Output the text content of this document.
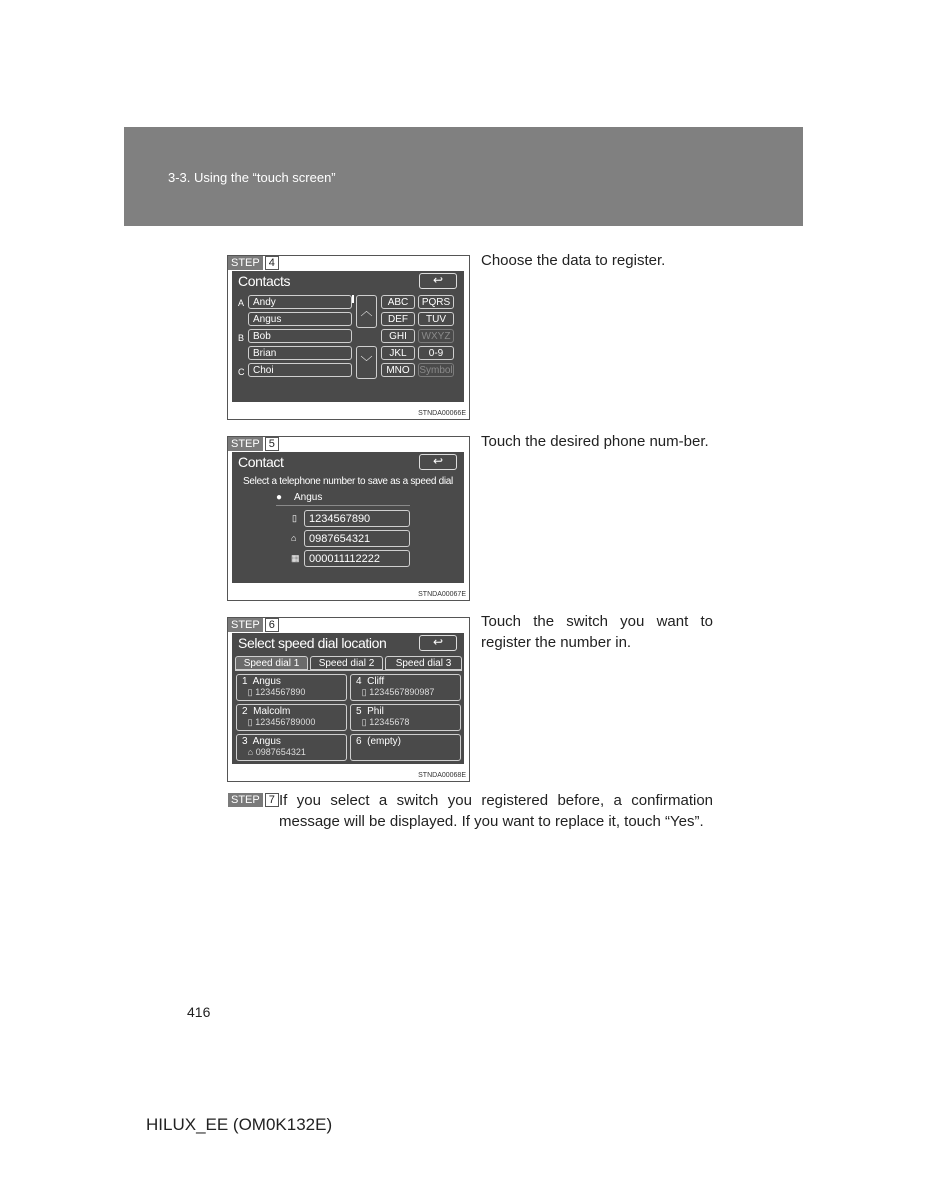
3-3. Using the “touch screen”
STEP 4
Contacts	↩
A Andy
Angus
B Bob
Brian
C Choi
︿
﹀
ABC	PQRS
DEF	TUV
GHI	WXYZ
JKL	0-9
MNO Symbol
STNDA00066E
Choose the data to register.
STEP 5
Contact	↩
Select a telephone number to save as a speed dial
● Angus
▯	1234567890
⌂	0987654321
▦ 000011112222
STNDA00067E
Touch the desired phone num-ber.
STEP 6
Select speed dial location	↩
Speed dial 1	Speed dial 2	Speed dial 3
1 Angus
▯ 1234567890
4 Cliff
▯ 1234567890987
2 Malcolm
▯ 123456789000
5 Phil
▯ 12345678
3 Angus
⌂ 0987654321
6 (empty)
STNDA00068E
Touch the switch you want to register the number in.
STEP 7 If you select a switch you registered before, a confirmation message will be displayed. If you want to replace it, touch “Yes”.
416
HILUX_EE (OM0K132E)
